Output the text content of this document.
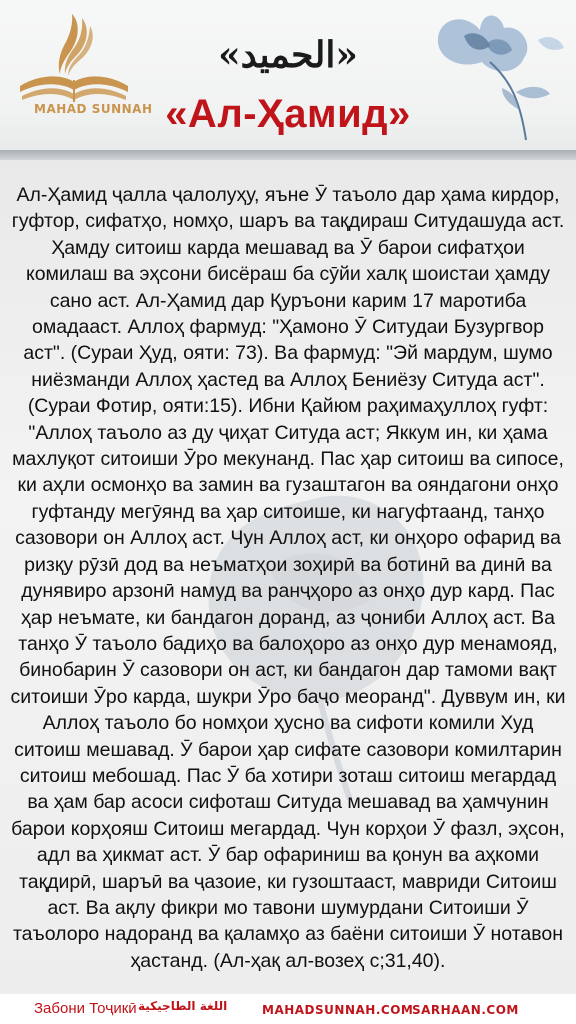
MAHAD SUNNAH
«الحميد»
«Ал-Ҳамид»

Ал-Ҳамид ҷалла ҷалолуҳу, яъне Ӯ таъоло дар ҳама кирдор, гуфтор, сифатҳо, номҳо, шаръ ва тақдираш Ситудашуда аст. Ҳамду ситоиш карда мешавад ва Ӯ барои сифатҳои комилаш ва эҳсони бисёраш ба сӯйи халқ шоистаи ҳамду сано аст. Ал-Ҳамид дар Қуръони карим 17 маротиба омадааст. Аллоҳ фармуд: "Ҳамоно Ӯ Ситудаи Бузургвор аст". (Сураи Ҳуд, ояти: 73). Ва фармуд: "Эй мардум, шумо ниёзманди Аллоҳ ҳастед ва Аллоҳ Бениёзу Ситуда аст". (Сураи Фотир, ояти:15). Ибни Қайюм раҳимаҳуллоҳ гуфт: "Аллоҳ таъоло аз ду ҷиҳат Ситуда аст; Яккум ин, ки ҳама махлуқот ситоиши Ӯро мекунанд. Пас ҳар ситоиш ва сипосе, ки аҳли осмонҳо ва замин ва гузаштагон ва ояндагони онҳо гуфтанду мегӯянд ва ҳар ситоише, ки нагуфтаанд, танҳо сазовори он Аллоҳ аст. Чун Аллоҳ аст, ки онҳоро офарид ва ризқу рӯзӣ дод ва неъматҳои зоҳирӣ ва ботинӣ ва динӣ ва дунявиро арзонӣ намуд ва ранҷҳоро аз онҳо дур кард. Пас ҳар неъмате, ки бандагон доранд, аз ҷониби Аллоҳ аст. Ва танҳо Ӯ таъоло бадиҳо ва балоҳоро аз онҳо дур менамояд, бинобарин Ӯ сазовори он аст, ки бандагон дар тамоми вақт ситоиши Ӯро карда, шукри Ӯро баҷо меоранд". Дуввум ин, ки Аллоҳ таъоло бо номҳои ҳусно ва сифоти комили Худ ситоиш мешавад. Ӯ барои ҳар сифате сазовори комилтарин ситоиш мебошад. Пас Ӯ ба хотири зоташ ситоиш мегардад ва ҳам бар асоси сифоташ Ситуда мешавад ва ҳамчунин барои корҳояш Ситоиш мегардад. Чун корҳои Ӯ фазл, эҳсон, адл ва ҳикмат аст. Ӯ бар офариниш ва қонун ва аҳкоми тақдирӣ, шаръӣ ва ҷазоие, ки гузоштааст, мавриди Ситоиш аст. Ва ақлу фикри мо тавони шумурдани Ситоиши Ӯ таъолоро надоранд ва қаламҳо аз баёни ситоиши Ӯ нотавон ҳастанд. (Ал-ҳақ ал-возеҳ с;31,40).

Забони Тоҷикӣ اللغة الطاجيكية	MAHADSUNNAH.COM
SARHAAN.COM
